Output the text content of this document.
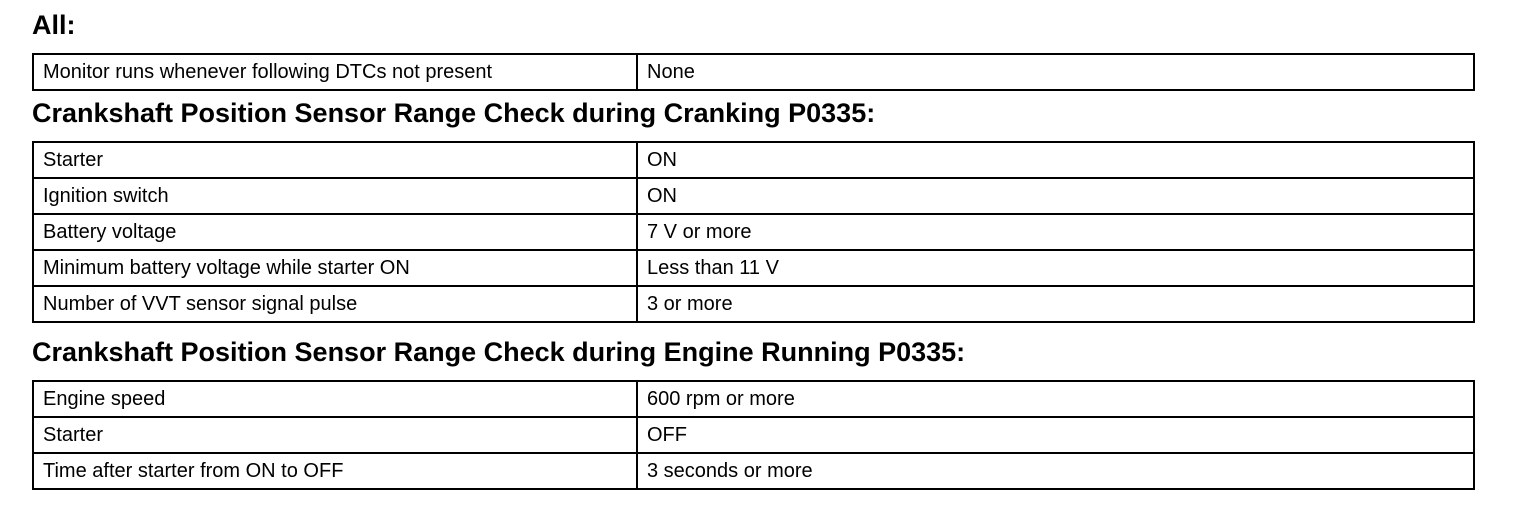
All:
Monitor runs whenever following DTCs not present	None
Crankshaft Position Sensor Range Check during Cranking P0335:
Starter	ON
Ignition switch	ON
Battery voltage	7 V or more
Minimum battery voltage while starter ON	Less than 11 V
Number of VVT sensor signal pulse	3 or more
Crankshaft Position Sensor Range Check during Engine Running P0335:
Engine speed	600 rpm or more
Starter	OFF
Time after starter from ON to OFF	3 seconds or more
